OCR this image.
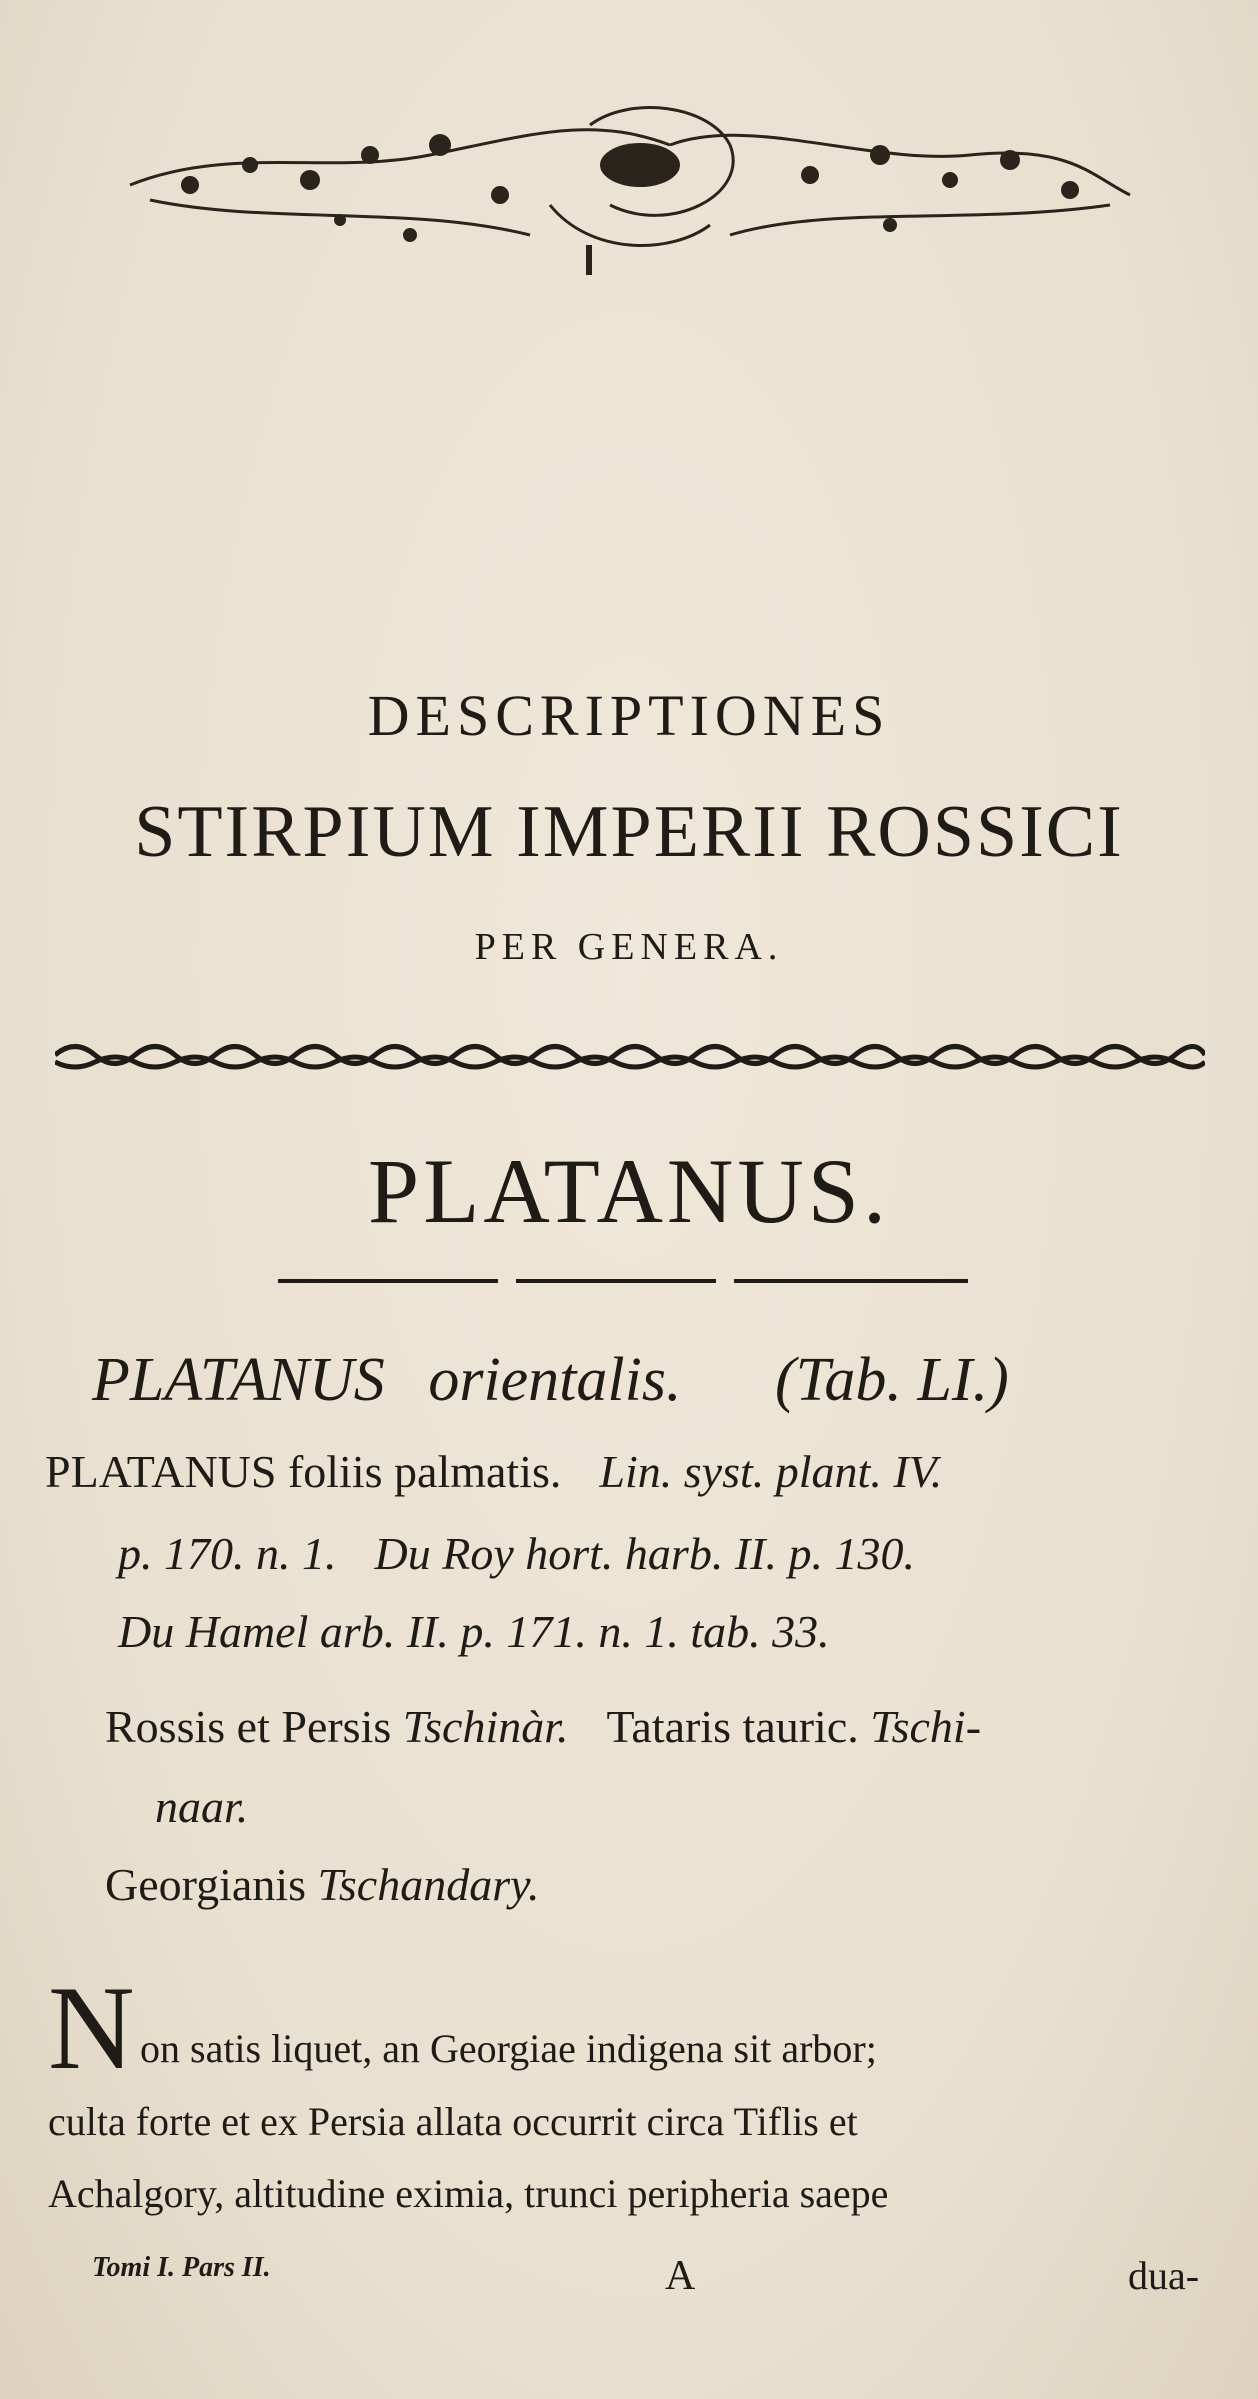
DESCRIPTIONES
STIRPIUM IMPERII ROSSICI
PER GENERA.
PLATANUS.
PLATANUS orientalis. (Tab. LI.)
PLATANUS foliis palmatis. Lin. syst. plant. IV.
p. 170. n. 1. Du Roy hort. harb. II. p. 130.
Du Hamel arb. II. p. 171. n. 1. tab. 33.
Rossis et Persis Tschinàr. Tataris tauric. Tschi-
naar.
Georgianis Tschandary.
N on satis liquet, an Georgiae indigena sit arbor;
culta forte et ex Persia allata occurrit circa Tiflis et
Achalgory, altitudine eximia, trunci peripheria saepe
Tomi I. Pars II.	A	dua-
